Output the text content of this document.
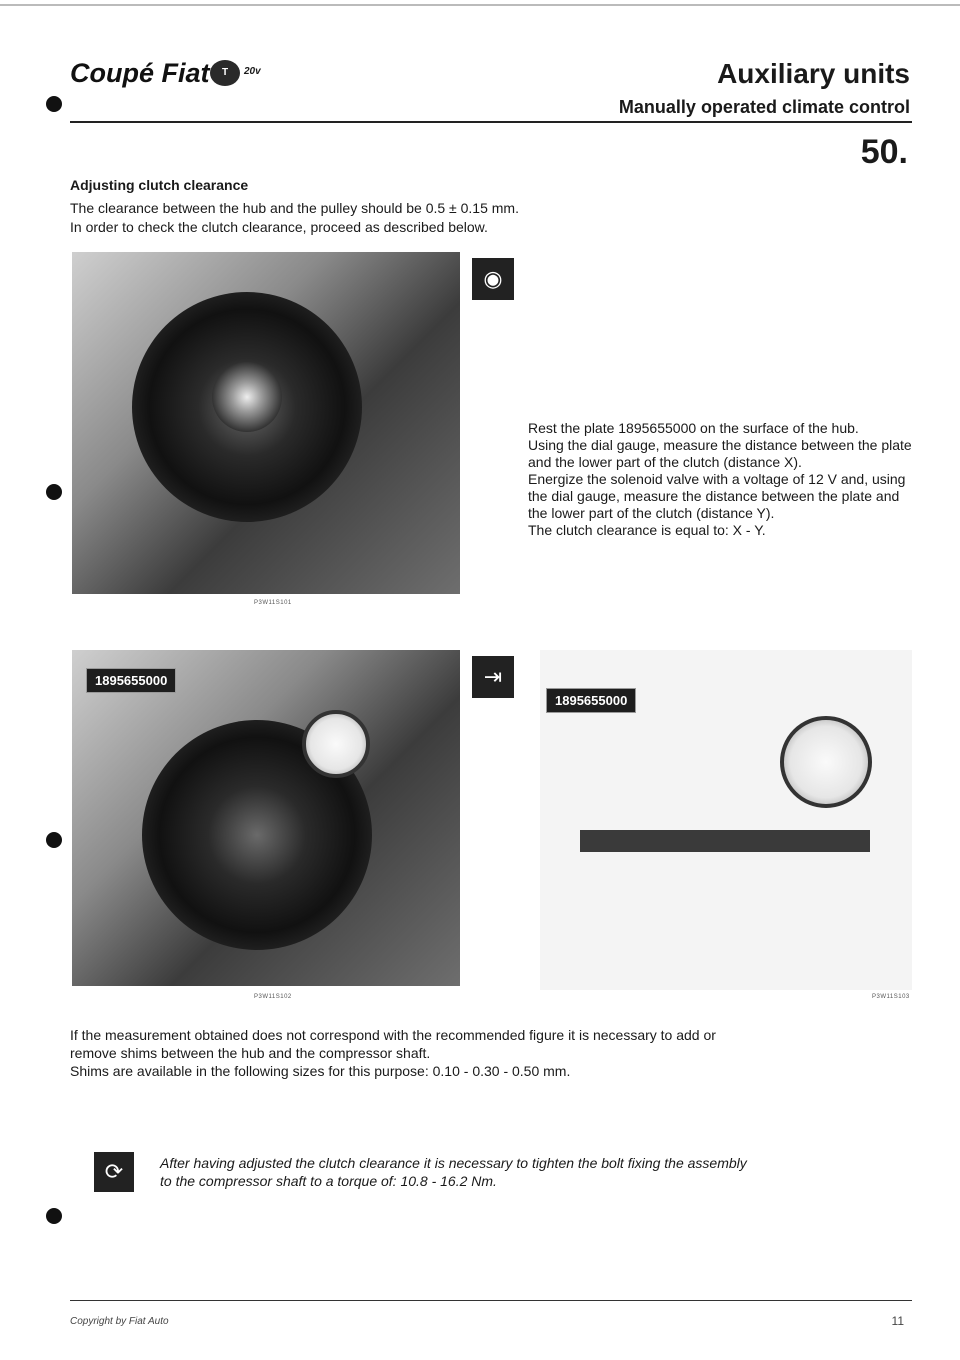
Coupé Fiat	T	20v	Auxiliary units
Manually operated climate control
50.
Adjusting clutch clearance
The clearance between the hub and the pulley should be 0.5 ± 0.15 mm.
In order to check the clutch clearance, proceed as described below.
P3W11S101
◉

Rest the plate 1895655000 on the surface of the hub.

Using the dial gauge, measure the distance between the plate and the lower part of the clutch (distance X).

Energize the solenoid valve with a voltage of 12 V and, using the dial gauge, measure the distance between the plate and the lower part of the clutch (distance Y).

The clutch clearance is equal to: X - Y.

1895655000
P3W11S102
⇥
1895655000
P3W11S103
If the measurement obtained does not correspond with the recommended figure it is necessary to add or
remove shims between the hub and the compressor shaft.
Shims are available in the following sizes for this purpose: 0.10 - 0.30 - 0.50 mm.
⟳	After having adjusted the clutch clearance it is necessary to tighten the bolt fixing the assembly
to the compressor shaft to a torque of: 10.8 - 16.2 Nm.
Copyright by Fiat Auto	11
